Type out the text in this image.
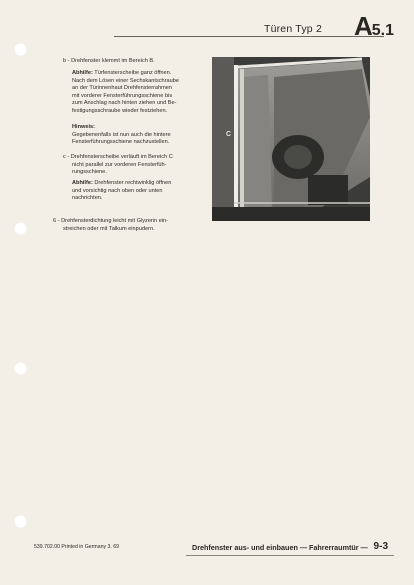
Türen Typ 2 A5.1
b - Drehfenster klemmt im Bereich B.
Abhilfe: Türfensterscheibe ganz öffnen.
Nach dem Lösen einer Sechskantschraube
an der Türinnenhaut Drehfensterrahmen
mit vorderer Fensterführungsschiene bis
zum Anschlag nach hinten ziehen und Be-
festigungsschraube wieder festziehen.
Hinweis:
Gegebenenfalls ist nun auch die hintere
Fensterführungsschiene nachzustellen.
c - Drehfensterscheibe verläuft im Bereich C
nicht parallel zur vorderen Fensterfüh-
rungsschiene.
Abhilfe: Drehfenster rechtwinklig öffnen
und vorsichtig nach oben oder unten
nachrichten.
6 - Drehfensterdichtung leicht mit Glyzerin ein-
streichen oder mit Talkum einpudern.
C
539.702.00 Printed in Germany 3. 69	Drehfenster aus- und einbauen — Fahrerraumtür — 9-3
